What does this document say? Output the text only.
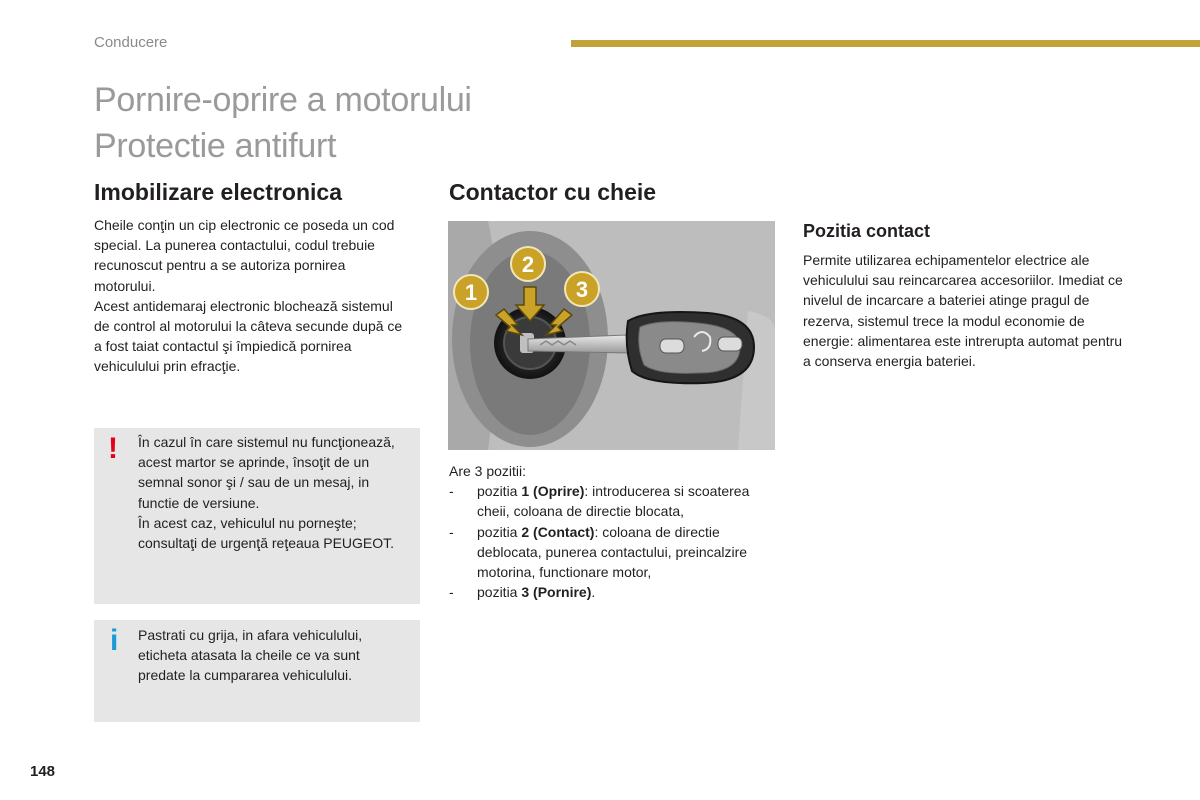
Conducere
Pornire-oprire a motorului
Protectie antifurt
Imobilizare electronica

Cheile conţin un cip electronic ce poseda un cod special. La punerea contactului, codul trebuie recunoscut pentru a se autoriza pornirea motorului.

Acest antidemaraj electronic blochează sistemul de control al motorului la câteva secunde după ce a fost taiat contactul şi împiedică pornirea vehiculului prin efracţie.

! În cazul în care sistemul nu funcţionează, acest martor se aprinde, însoţit de un semnal sonor şi / sau de un mesaj, in functie de versiune.

În acest caz, vehiculul nu porneşte; consultaţi de urgenţă reţeaua PEUGEOT.

i Pastrati cu grija, in afara vehiculului, eticheta atasata la cheile ce va sunt predate la cumpararea vehiculului.
Contactor cu cheie
1
2
3

Are 3 pozitii:

- pozitia 1 (Oprire): introducerea si scoaterea cheii, coloana de directie blocata,
- pozitia 2 (Contact): coloana de directie deblocata, punerea contactului, preincalzire motorina, functionare motor,
- pozitia 3 (Pornire).
Pozitia contact
Permite utilizarea echipamentelor electrice ale vehiculului sau reincarcarea accesoriilor. Imediat ce nivelul de incarcare a bateriei atinge pragul de rezerva, sistemul trece la modul economie de energie: alimentarea este intrerupta automat pentru a conserva energia bateriei.
148
